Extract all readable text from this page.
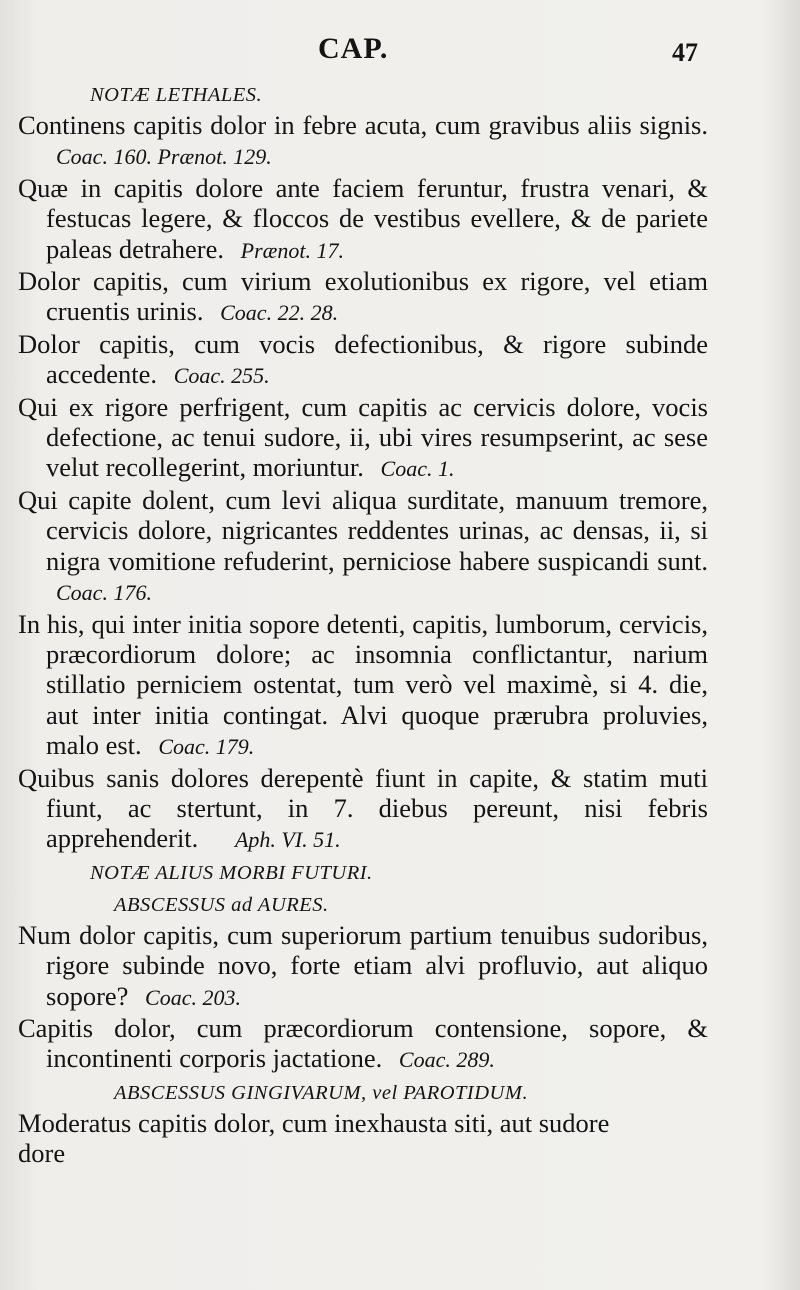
CAP.	47
NOTÆ LETHALES.

Continens capitis dolor in febre acuta, cum gravibus aliis signis. Coac. 160. Prænot. 129.

Quæ in capitis dolore ante faciem feruntur, frustra venari, & festucas legere, & floccos de vestibus evellere, & de pariete paleas detrahere. Prænot. 17.

Dolor capitis, cum virium exolutionibus ex rigore, vel etiam cruentis urinis. Coac. 22. 28.

Dolor capitis, cum vocis defectionibus, & rigore subinde accedente. Coac. 255.

Qui ex rigore perfrigent, cum capitis ac cervicis dolore, vocis defectione, ac tenui sudore, ii, ubi vires resumpserint, ac sese velut recollegerint, moriuntur. Coac. 1.

Qui capite dolent, cum levi aliqua surditate, manuum tremore, cervicis dolore, nigricantes reddentes urinas, ac densas, ii, si nigra vomitione refuderint, perniciose habere suspicandi sunt. Coac. 176.

In his, qui inter initia sopore detenti, capitis, lumborum, cervicis, præcordiorum dolore; ac insomnia conflictantur, narium stillatio perniciem ostentat, tum verò vel maximè, si 4. die, aut inter initia contingat. Alvi quoque prærubra proluvies, malo est. Coac. 179.

Quibus sanis dolores derepentè fiunt in capite, & statim muti fiunt, ac stertunt, in 7. diebus pereunt, nisi febris apprehenderit. Aph. VI. 51.

NOTÆ ALIUS MORBI FUTURI.
ABSCESSUS ad AURES.

Num dolor capitis, cum superiorum partium tenuibus sudoribus, rigore subinde novo, forte etiam alvi profluvio, aut aliquo sopore? Coac. 203.

Capitis dolor, cum præcordiorum contensione, sopore, & incontinenti corporis jactatione. Coac. 289.

ABSCESSUS GINGIVARUM, vel PAROTIDUM.

Moderatus capitis dolor, cum inexhausta siti, aut sudore

dore
